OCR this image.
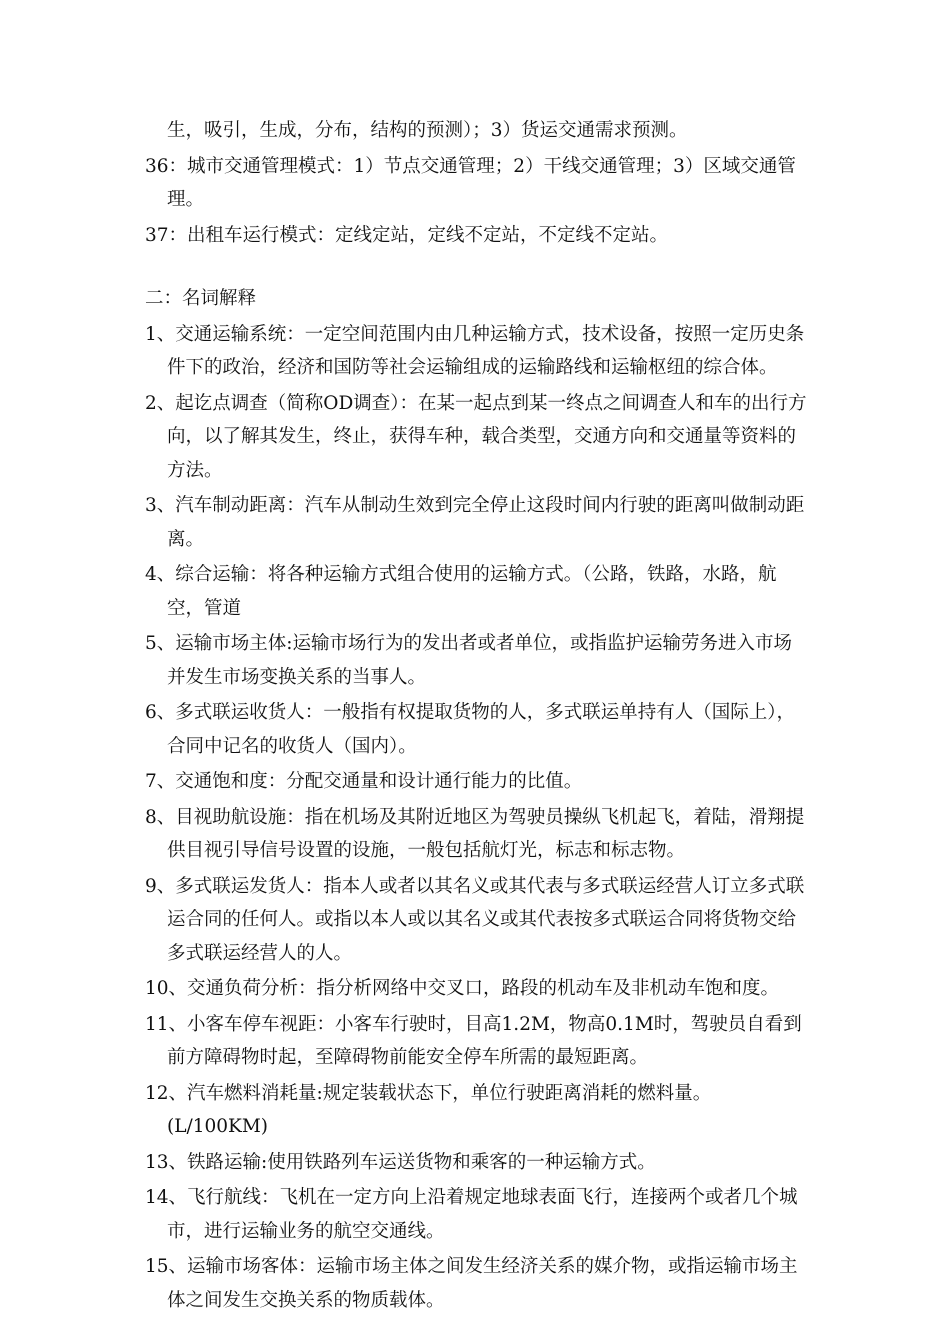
生，吸引，生成，分布，结构的预测）；3）货运交通需求预测。
36：城市交通管理模式：1）节点交通管理；2）干线交通管理；3）区域交通管理。
37：出租车运行模式：定线定站，定线不定站，不定线不定站。
二：名词解释
1、交通运输系统：一定空间范围内由几种运输方式，技术设备，按照一定历史条件下的政治，经济和国防等社会运输组成的运输路线和运输枢纽的综合体。
2、起讫点调查（简称OD调查）：在某一起点到某一终点之间调查人和车的出行方向，以了解其发生，终止，获得车种，载合类型，交通方向和交通量等资料的方法。
3、汽车制动距离：汽车从制动生效到完全停止这段时间内行驶的距离叫做制动距离。
4、综合运输：将各种运输方式组合使用的运输方式。（公路，铁路，水路，航空，管道
5、运输市场主体:运输市场行为的发出者或者单位，或指监护运输劳务进入市场并发生市场变换关系的当事人。
6、多式联运收货人：一般指有权提取货物的人，多式联运单持有人（国际上），合同中记名的收货人（国内）。
7、交通饱和度：分配交通量和设计通行能力的比值。
8、目视助航设施：指在机场及其附近地区为驾驶员操纵飞机起飞，着陆，滑翔提供目视引导信号设置的设施，一般包括航灯光，标志和标志物。
9、多式联运发货人：指本人或者以其名义或其代表与多式联运经营人订立多式联运合同的任何人。或指以本人或以其名义或其代表按多式联运合同将货物交给多式联运经营人的人。
10、交通负荷分析：指分析网络中交叉口，路段的机动车及非机动车饱和度。
11、小客车停车视距：小客车行驶时，目高1.2M，物高0.1M时，驾驶员自看到前方障碍物时起，至障碍物前能安全停车所需的最短距离。
12、汽车燃料消耗量:规定装载状态下，单位行驶距离消耗的燃料量。(L/100KM)
13、铁路运输:使用铁路列车运送货物和乘客的一种运输方式。
14、飞行航线：飞机在一定方向上沿着规定地球表面飞行，连接两个或者几个城市，进行运输业务的航空交通线。
15、运输市场客体：运输市场主体之间发生经济关系的媒介物，或指运输市场主体之间发生交换关系的物质载体。
